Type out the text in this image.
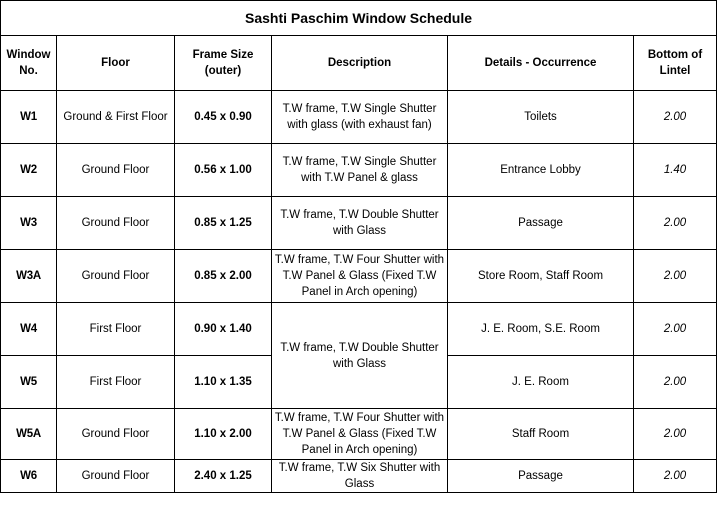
Sashti Paschim Window Schedule					
Window No.	Floor	Frame Size (outer)	Description	Details - Occurrence	Bottom of Lintel
W1	Ground & First Floor	0.45 x 0.90	T.W frame, T.W Single Shutter with glass (with exhaust fan)	Toilets	2.00
W2	Ground Floor	0.56 x 1.00	T.W frame, T.W Single Shutter with T.W Panel & glass	Entrance Lobby	1.40
W3	Ground Floor	0.85 x 1.25	T.W frame, T.W Double Shutter with Glass	Passage	2.00
W3A	Ground Floor	0.85 x 2.00	T.W frame, T.W Four Shutter with T.W Panel & Glass (Fixed T.W Panel in Arch opening)	Store Room, Staff Room	2.00
W4	First Floor	0.90 x 1.40	T.W frame, T.W Double Shutter with Glass	J. E. Room, S.E. Room	2.00
W5	First Floor	1.10 x 1.35		J. E. Room	2.00
W5A	Ground Floor	1.10 x 2.00	T.W frame, T.W Four Shutter with T.W Panel & Glass (Fixed T.W Panel in Arch opening)	Staff Room	2.00
W6	Ground Floor	2.40 x 1.25	T.W frame, T.W Six Shutter with Glass	Passage	2.00
